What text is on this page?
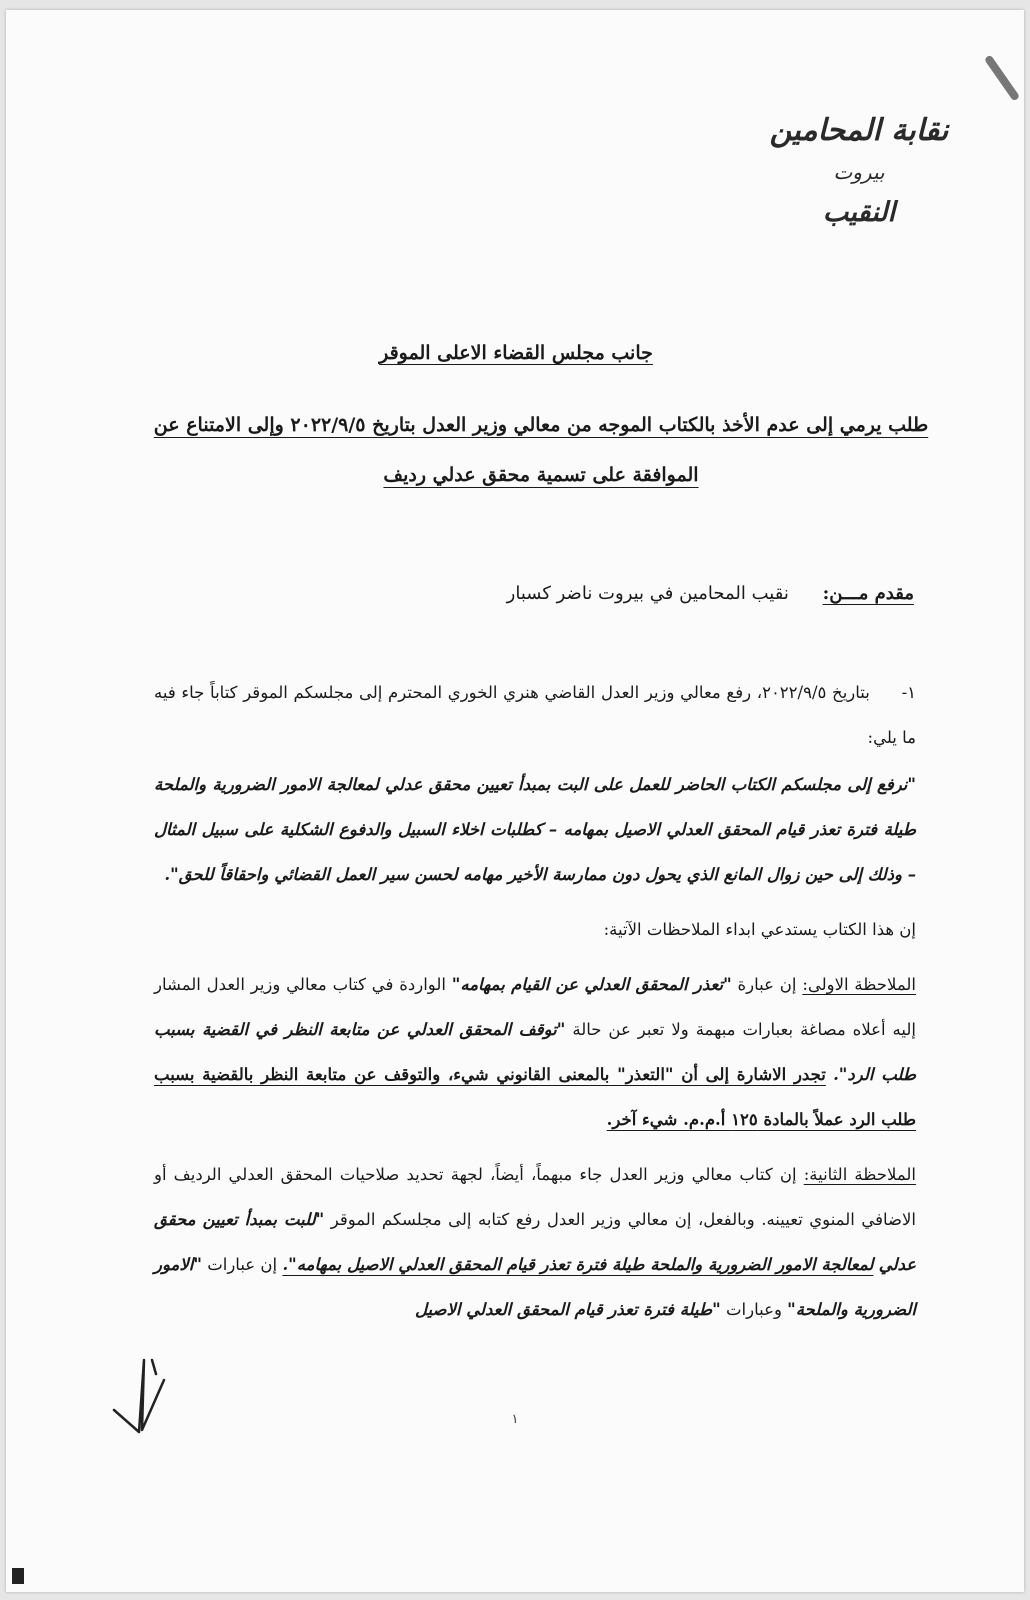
نقابة المحامين
بيروت
النقيب
جانب مجلس القضاء الاعلى الموقر
طلب يرمي إلى عدم الأخذ بالكتاب الموجه من معالي وزير العدل بتاريخ ٢٠٢٢/٩/٥ وإلى الامتناع عن
الموافقة على تسمية محقق عدلي رديف
مقدم مـــن: نقيب المحامين في بيروت ناضر كسبار

١- بتاريخ ٢٠٢٢/٩/٥، رفع معالي وزير العدل القاضي هنري الخوري المحترم إلى مجلسكم الموقر كتاباً جاء فيه ما يلي:

"نرفع إلى مجلسكم الكتاب الحاضر للعمل على البت بمبدأ تعيين محقق عدلي لمعالجة الامور الضرورية والملحة طيلة فترة تعذر قيام المحقق العدلي الاصيل بمهامه – كطلبات اخلاء السبيل والدفوع الشكلية على سبيل المثال – وذلك إلى حين زوال المانع الذي يحول دون ممارسة الأخير مهامه لحسن سير العمل القضائي واحقاقاً للحق".

إن هذا الكتاب يستدعي ابداء الملاحظات الآتية:

الملاحظة الاولى: إن عبارة "تعذر المحقق العدلي عن القيام بمهامه" الواردة في كتاب معالي وزير العدل المشار إليه أعلاه مصاغة بعبارات مبهمة ولا تعبر عن حالة "توقف المحقق العدلي عن متابعة النظر في القضية بسبب طلب الرد". تجدر الاشارة إلى أن "التعذر" بالمعنى القانوني شيء، والتوقف عن متابعة النظر بالقضية بسبب طلب الرد عملاً بالمادة ١٢٥ أ.م.م. شيء آخر.

الملاحظة الثانية: إن كتاب معالي وزير العدل جاء مبهماً، أيضاً، لجهة تحديد صلاحيات المحقق العدلي الرديف أو الاضافي المنوي تعيينه. وبالفعل، إن معالي وزير العدل رفع كتابه إلى مجلسكم الموقر "للبت بمبدأ تعيين محقق عدلي لمعالجة الامور الضرورية والملحة طيلة فترة تعذر قيام المحقق العدلي الاصيل بمهامه". إن عبارات "الامور الضرورية والملحة" وعبارات "طيلة فترة تعذر قيام المحقق العدلي الاصيل

١
